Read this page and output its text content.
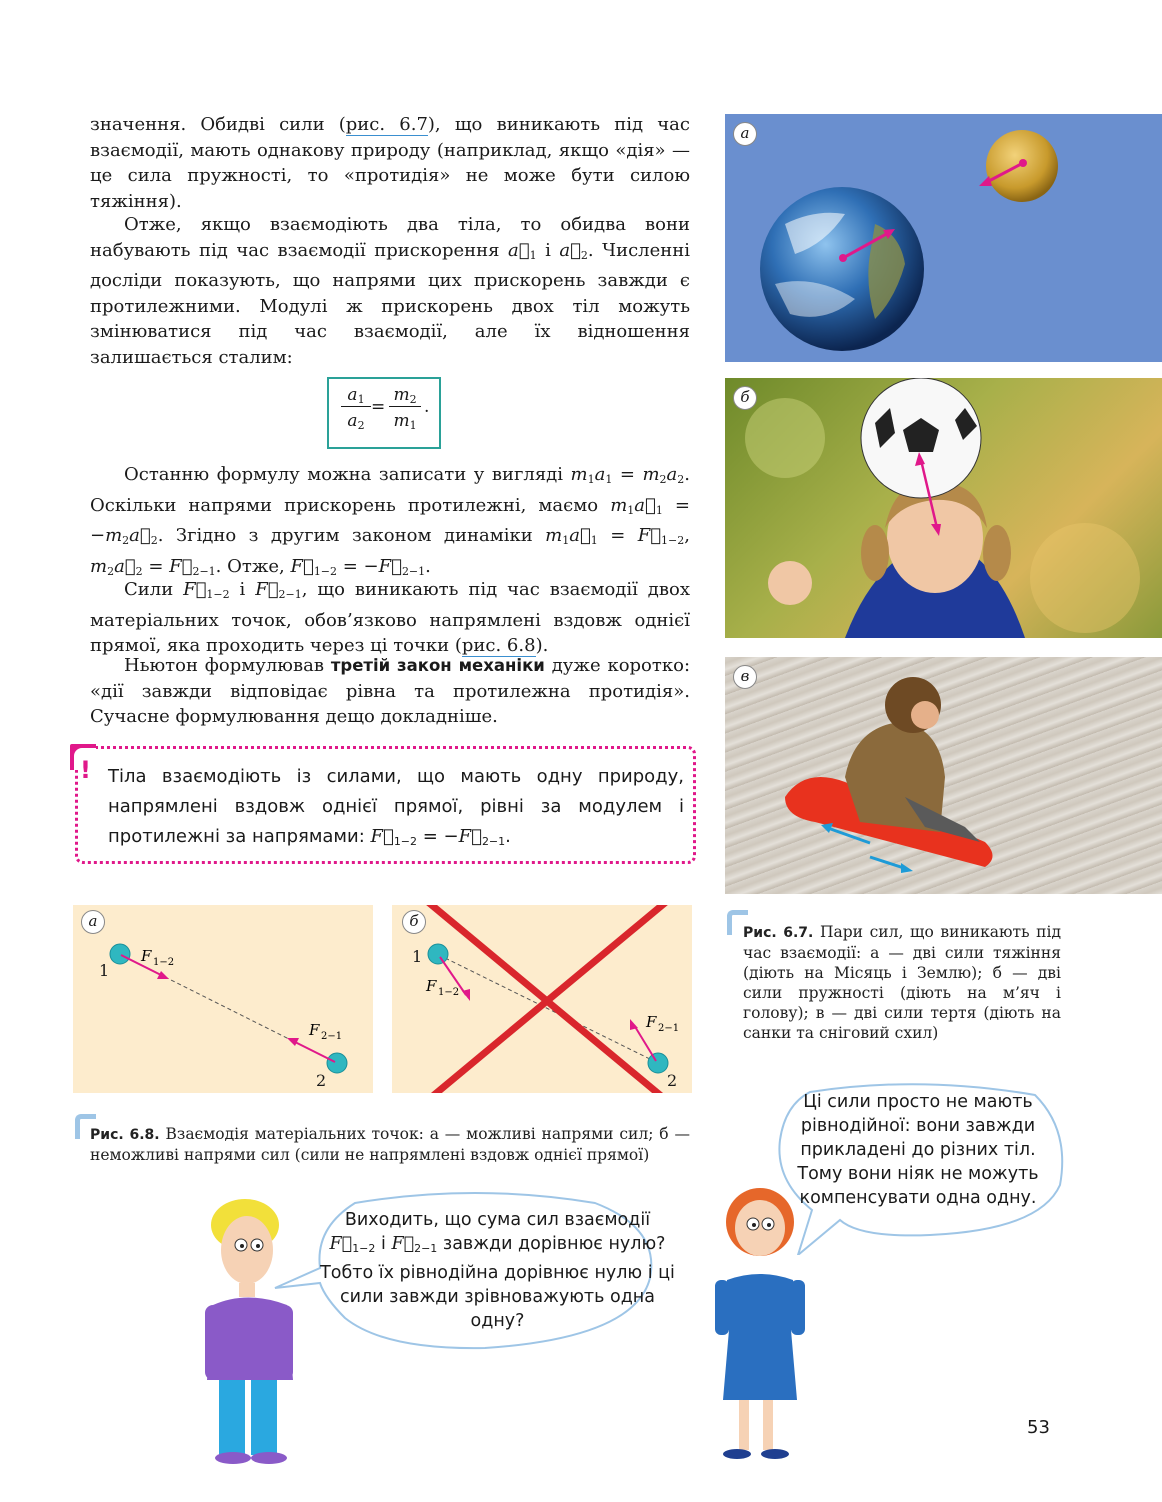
значення. Обидві сили (рис. 6.7), що виникають під час взаємодії, мають однакову природу (наприклад, якщо «дія» — це сила пружності, то «протидія» не може бути силою тяжіння).
Отже, якщо взаємодіють два тіла, то обидва вони набувають під час взаємодії прискорення $a⃗_1$ і $a⃗_2$. Численні досліди показують, що напрями цих прискорень завжди є протилежними. Модулі ж прискорень двох тіл можуть змінюватися під час взаємодії, але їх відношення залишається сталим:
$\frac{a_1}{a_2} = \frac{m_2}{m_1}$ .
Останню формулу можна записати у вигляді $m_1a_1 = m_2a_2$. Оскільки напрями прискорень протилежні, маємо $m_1a⃗_1$ = $-m_2a⃗_2$. Згідно з другим законом динаміки $m_1a⃗_1$ = $F⃗_{1-2}$, $m_2a⃗_2$ = $F⃗_{2-1}$. Отже, $F⃗_{1-2}$ = $-F⃗_{2-1}$.
Сили $F⃗_{1-2}$ і $F⃗_{2-1}$, що виникають під час взаємодії двох матеріальних точок, обов’язково напрямлені вздовж однієї прямої, яка проходить через ці точки (рис. 6.8).
Ньютон формулював третій закон механіки дуже коротко: «дії завжди відповідає рівна та протилежна протидія». Сучасне формулювання дещо докладніше.
! Тіла взаємодіють із силами, що мають одну природу, напрямлені вздовж однієї прямої, рівні за модулем і протилежні за напрямами: $F⃗_{1-2}$ = $-F⃗_{2-1}$.
а
б
в
Рис. 6.7. Пари сил, що виникають під час взаємодії: а — дві сили тяжіння (діють на Місяць і Землю); б — дві сили пружності (діють на м’яч і голову); в — дві сили тертя (діють на санки та сніговий схил)
F 1−2
F 2−1
а
1
2
F 1−2
F 2−1
б
1
2
Рис. 6.8. Взаємодія матеріальних точок: а — можливі напрями сил; б — неможливі напрями сил (сили не напрямлені вздовж однієї прямої)
Виходить, що сума сил взаємодії
$F⃗_{1-2}$ і $F⃗_{2-1}$ завжди дорівнює нулю? Тобто їх рівнодійна дорівнює нулю і ці сили завжди зрівноважують одна одну?
Ці сили просто не мають рівнодійної: вони завжди прикладені до різних тіл. Тому вони ніяк не можуть компенсувати одна одну.
53
